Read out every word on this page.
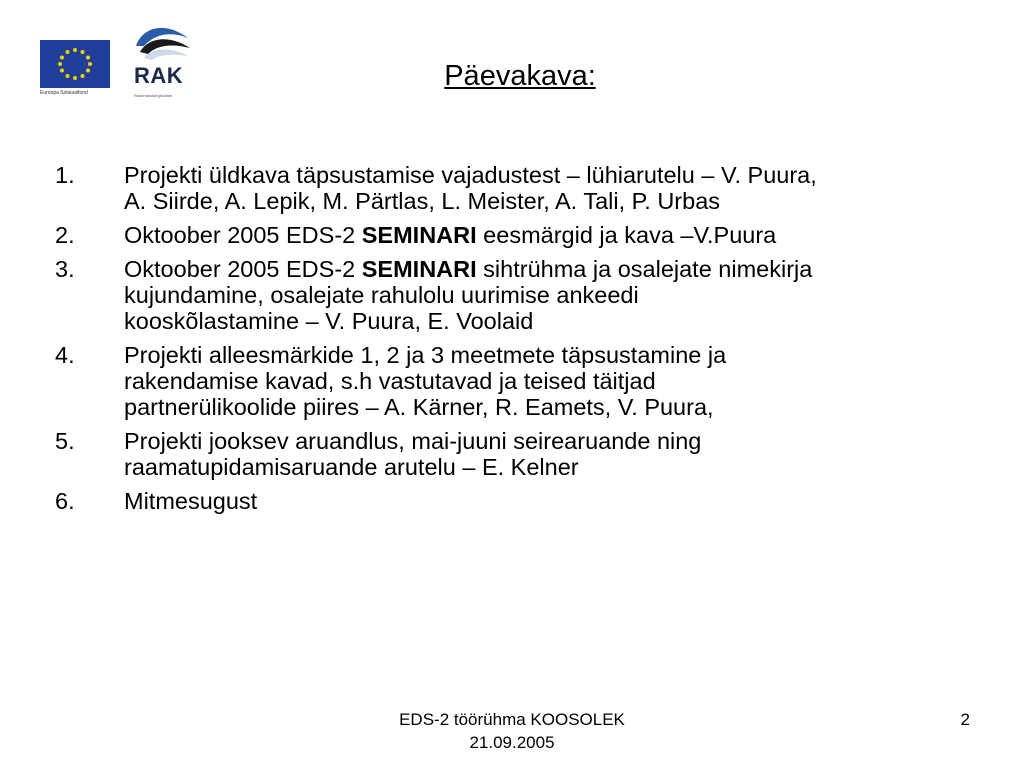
Euroopa Sotsiaalfond
RAK
Rakenduskõrgkoolide
Päevakava:
1. Projekti üldkava täpsustamise vajadustest – lühiarutelu – V. Puura,
A. Siirde, A. Lepik, M. Pärtlas, L. Meister, A. Tali, P. Urbas
2. Oktoober 2005 EDS-2 SEMINARI eesmärgid ja kava –V.Puura
3. Oktoober 2005 EDS-2 SEMINARI sihtrühma ja osalejate nimekirja
kujundamine, osalejate rahulolu uurimise ankeedi
kooskõlastamine – V. Puura, E. Voolaid
4. Projekti alleesmärkide 1, 2 ja 3 meetmete täpsustamine ja
rakendamise kavad, s.h vastutavad ja teised täitjad
partnerülikoolide piires – A. Kärner, R. Eamets, V. Puura,
5. Projekti jooksev aruandlus, mai-juuni seirearuande ning
raamatupidamisaruande arutelu – E. Kelner
6. Mitmesugust
EDS-2 töörühma KOOSOLEK
21.09.2005
2
